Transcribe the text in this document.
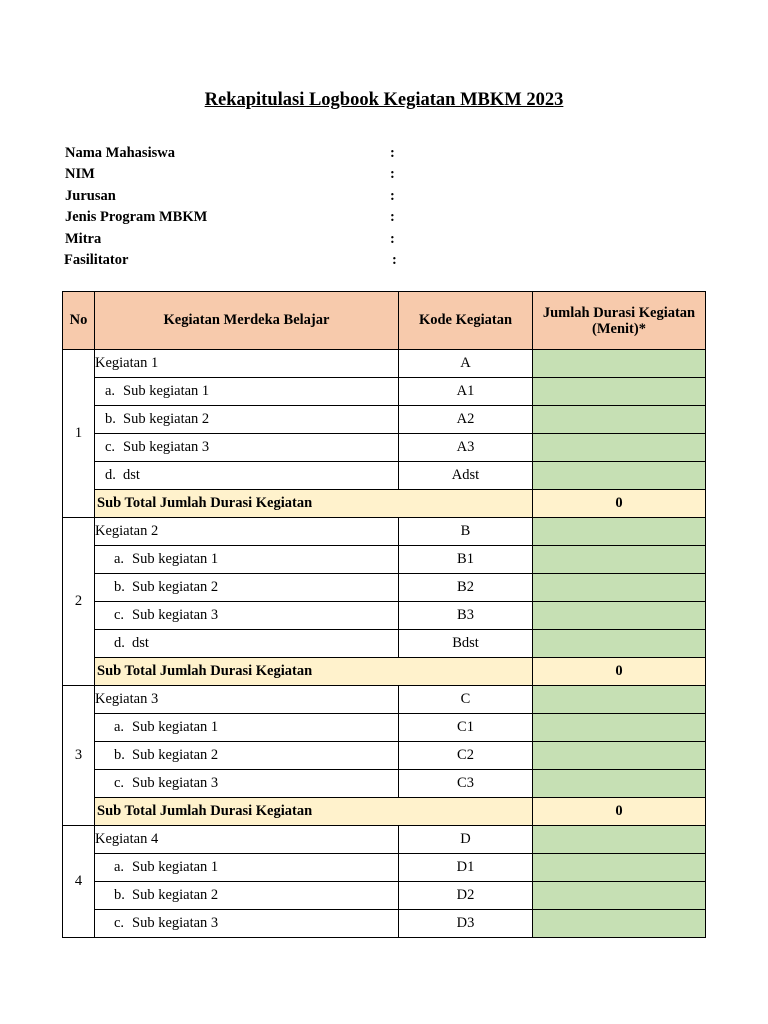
Rekapitulasi Logbook Kegiatan MBKM 2023
Nama Mahasiswa	:
NIM	:
Jurusan	:
Jenis Program MBKM	:
Mitra	:
Fasilitator	:
No	Kegiatan Merdeka Belajar	Kode Kegiatan	Jumlah Durasi Kegiatan (Menit)*
1	Kegiatan 1	A	
	a. Sub kegiatan 1	A1	
	b. Sub kegiatan 2	A2	
	c. Sub kegiatan 3	A3	
	d. dst	Adst	
	Sub Total Jumlah Durasi Kegiatan		0
2	Kegiatan 2	B	
	a. Sub kegiatan 1	B1	
	b. Sub kegiatan 2	B2	
	c. Sub kegiatan 3	B3	
	d. dst	Bdst	
	Sub Total Jumlah Durasi Kegiatan		0
3	Kegiatan 3	C	
	a. Sub kegiatan 1	C1	
	b. Sub kegiatan 2	C2	
	c. Sub kegiatan 3	C3	
	Sub Total Jumlah Durasi Kegiatan		0
4	Kegiatan 4	D	
	a. Sub kegiatan 1	D1	
	b. Sub kegiatan 2	D2	
	c. Sub kegiatan 3	D3	
